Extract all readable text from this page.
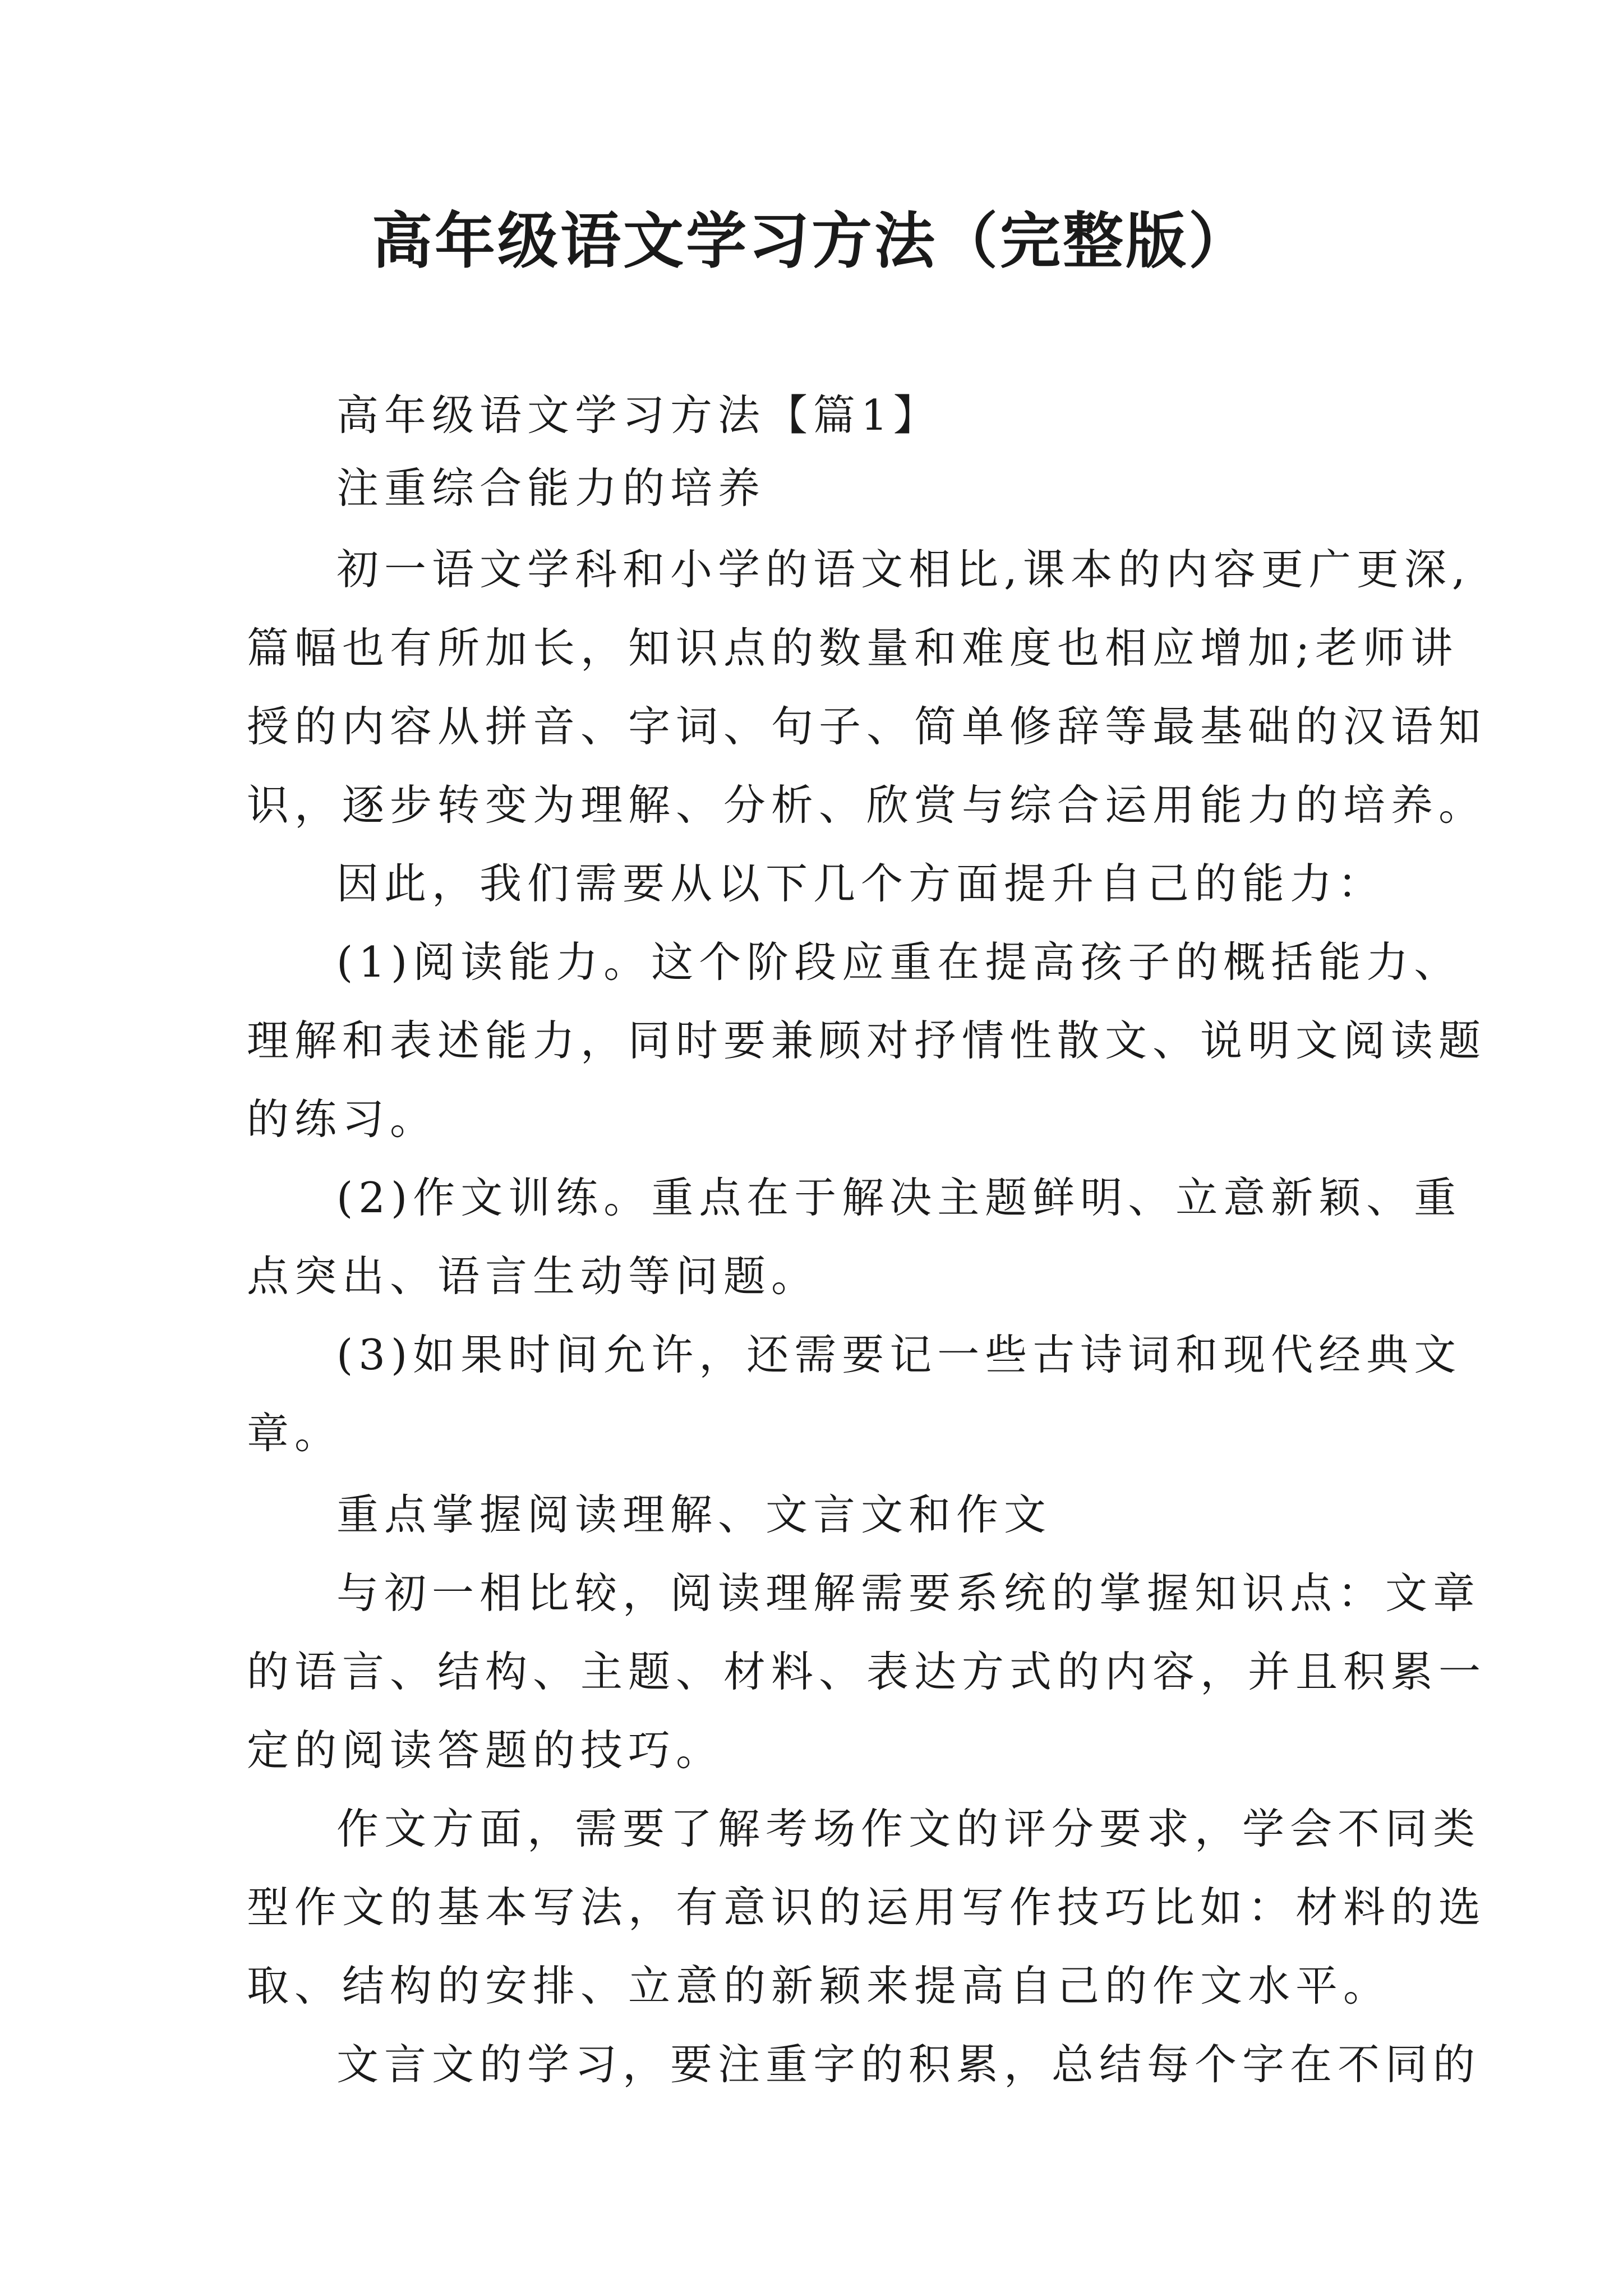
高年级语文学习方法（完整版）
高年级语文学习方法【篇1】
注重综合能力的培养
初一语文学科和小学的语文相比,课本的内容更广更深,
篇幅也有所加长，知识点的数量和难度也相应增加;老师讲
授的内容从拼音、字词、句子、简单修辞等最基础的汉语知
识，逐步转变为理解、分析、欣赏与综合运用能力的培养。
因此，我们需要从以下几个方面提升自己的能力：
(1)阅读能力。这个阶段应重在提高孩子的概括能力、
理解和表述能力，同时要兼顾对抒情性散文、说明文阅读题
的练习。
(2)作文训练。重点在于解决主题鲜明、立意新颖、重
点突出、语言生动等问题。
(3)如果时间允许，还需要记一些古诗词和现代经典文
章。
重点掌握阅读理解、文言文和作文
与初一相比较，阅读理解需要系统的掌握知识点：文章
的语言、结构、主题、材料、表达方式的内容，并且积累一
定的阅读答题的技巧。
作文方面，需要了解考场作文的评分要求，学会不同类
型作文的基本写法，有意识的运用写作技巧比如：材料的选
取、结构的安排、立意的新颖来提高自己的作文水平。
文言文的学习，要注重字的积累，总结每个字在不同的
